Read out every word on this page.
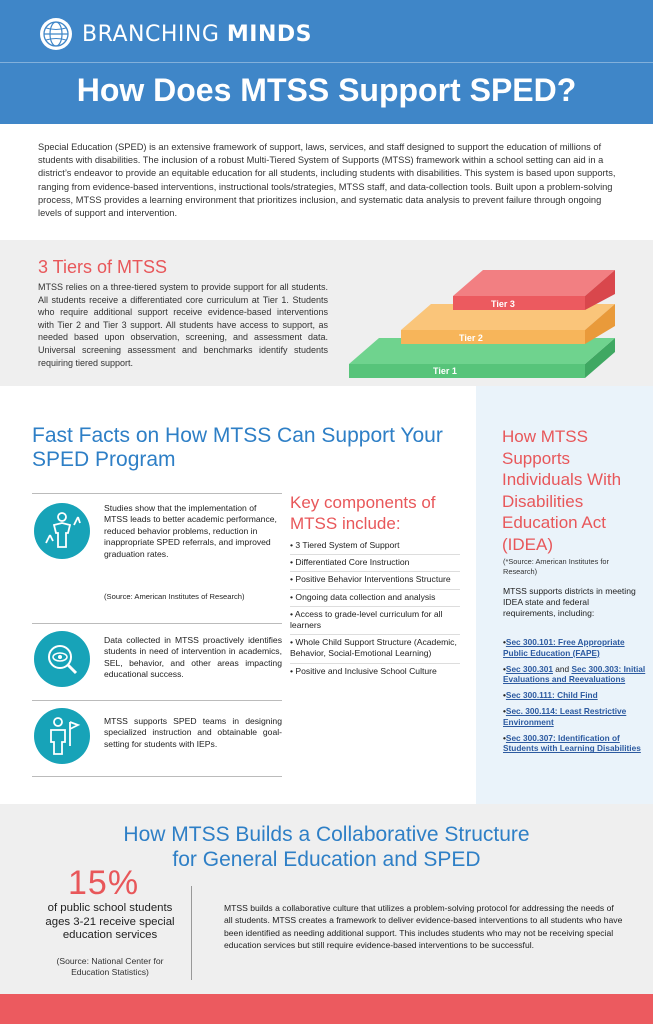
BRANCHING MINDS
How Does MTSS Support SPED?

Special Education (SPED) is an extensive framework of support, laws, services, and staff designed to support the education of millions of students with disabilities. The inclusion of a robust Multi-Tiered System of Supports (MTSS) framework within a school setting can aid in a district’s endeavor to provide an equitable education for all students, including students with disabilities. This system is based upon supports, ranging from evidence-based interventions, instructional tools/strategies, MTSS staff, and data-collection tools. Built upon a problem-solving process, MTSS provides a learning environment that prioritizes inclusion, and systematic data analysis to prevent failure through ongoing levels of support and intervention.

3 Tiers of MTSS

MTSS relies on a three-tiered system to provide support for all students. All students receive a differentiated core curriculum at Tier 1. Students who require additional support receive evidence-based interventions with Tier 2 and Tier 3 support. All students have access to support, as needed based upon observation, screening, and assessment data. Universal screening assessment and benchmarks identify students requiring tiered support.

Tier 1
Tier 2
Tier 3
Fast Facts on How MTSS Can Support Your SPED Program
Studies show that the implementation of MTSS leads to better academic performance, reduced behavior problems, reduction in inappropriate SPED referrals, and improved graduation rates.
(Source: American Institutes of Research)
Data collected in MTSS proactively identifies students in need of intervention in academics, SEL, behavior, and other areas impacting educational success.
MTSS supports SPED teams in designing specialized instruction and obtainable goal-setting for students with IEPs.
Key components of MTSS include:
• 3 Tiered System of Support
• Differentiated Core Instruction
• Positive Behavior Interventions Structure
• Ongoing data collection and analysis
• Access to grade-level curriculum for all learners
• Whole Child Support Structure (Academic, Behavior, Social-Emotional Learning)
• Positive and Inclusive School Culture
How MTSS Supports Individuals With Disabilities Education Act (IDEA)
(*Source: American Institutes for Research)
MTSS supports districts in meeting IDEA state and federal requirements, including:
• Sec 300.101: Free Appropriate Public Education (FAPE)
• Sec 300.301 and Sec 300.303: Initial Evaluations and Reevaluations
• Sec 300.111: Child Find
• Sec. 300.114: Least Restrictive Environment
• Sec 300.307: Identification of Students with Learning Disabilities
How MTSS Builds a Collaborative Structure
for General Education and SPED
15%
of public school students ages 3-21 receive special education services
(Source: National Center for Education Statistics)

MTSS builds a collaborative culture that utilizes a problem-solving protocol for addressing the needs of all students. MTSS creates a framework to deliver evidence-based interventions to all students who have been identified as needing additional support. This includes students who may not be receiving special education services but still require evidence-based interventions to be successful.
